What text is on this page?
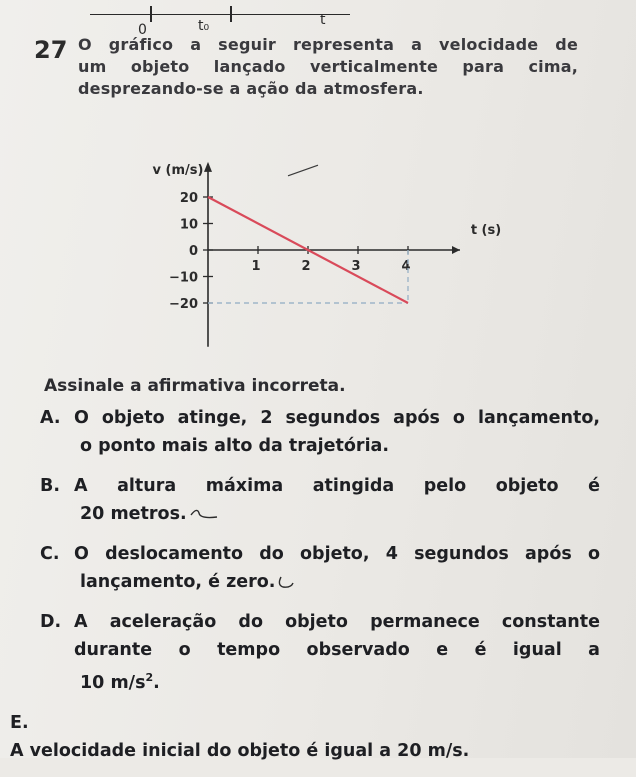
0	t₀	t
27 O gráfico a seguir representa a velocidade de
um objeto lançado verticalmente para cima,
desprezando-se a ação da atmosfera.
v (m/s)
t (s)
20
10
0
−10
−20
1	2	3	4
Assinale a afirmativa incorreta.
A. O objeto atinge, 2 segundos após o lançamento,
o ponto mais alto da trajetória.
B. A altura máxima atingida pelo objeto é
20 metros.
C. O deslocamento do objeto, 4 segundos após o
lançamento, é zero.
D. A aceleração do objeto permanece constante
durante o tempo observado e é igual a
10 $m/s^2$.
E.
A velocidade inicial do objeto é igual a 20 m/s.
